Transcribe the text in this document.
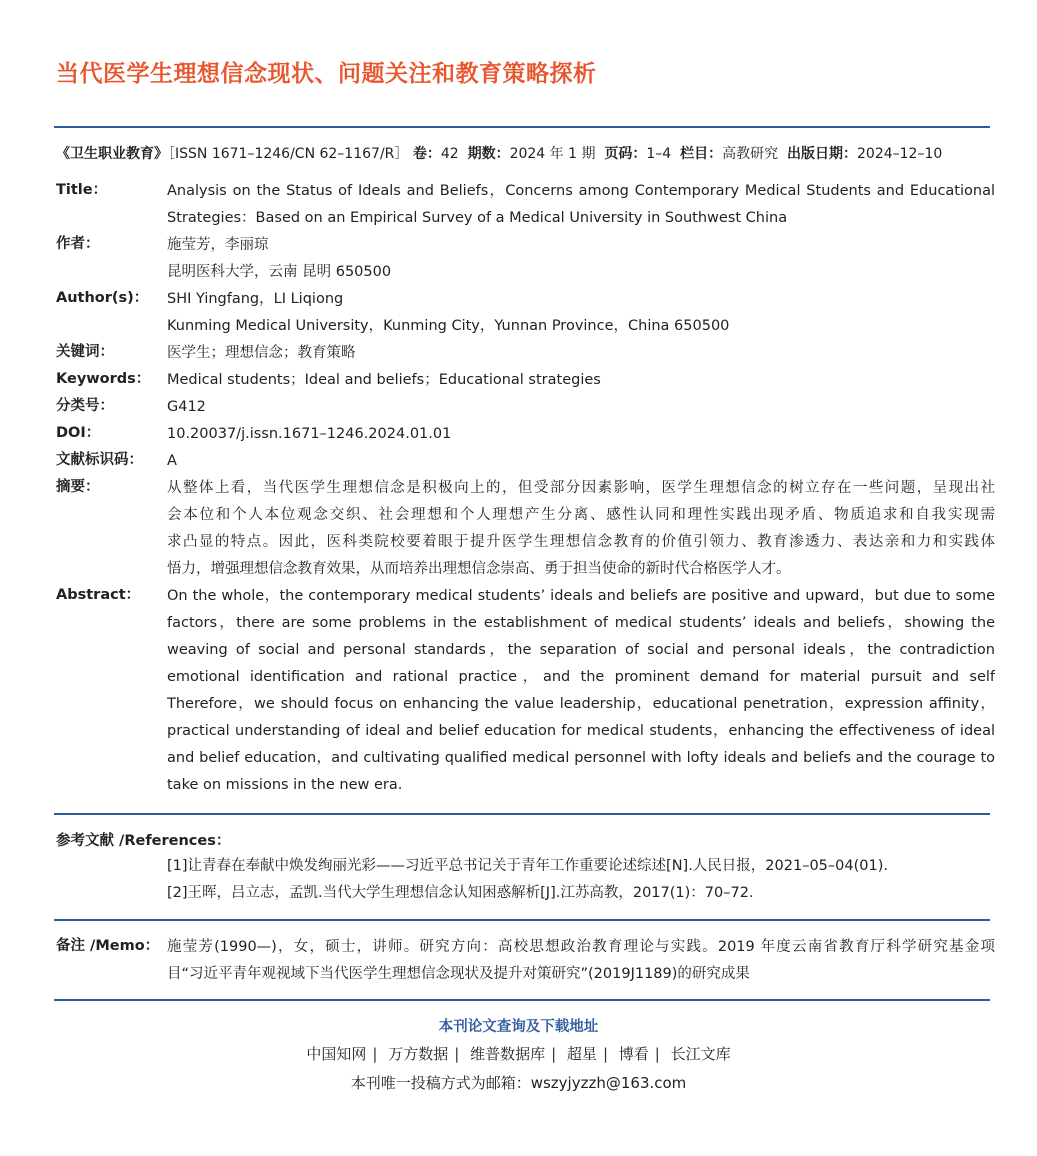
当代医学生理想信念现状、问题关注和教育策略探析
《卫生职业教育》［ISSN 1671–1246/CN 62–1167/R］ 卷：42 期数：2024 年 1 期 页码：1–4 栏目：高教研究 出版日期：2024–12–10
Title：	Analysis on the Status of Ideals and Beliefs，Concerns among Contemporary Medical Students and Educational
Strategies：Based on an Empirical Survey of a Medical University in Southwest China
作者：	施莹芳，李丽琼
昆明医科大学，云南 昆明 650500
Author(s)：	SHI Yingfang，LI Liqiong
Kunming Medical University，Kunming City，Yunnan Province，China 650500
关键词：	医学生；理想信念；教育策略
Keywords：	Medical students；Ideal and beliefs；Educational strategies
分类号：	G412
DOI：	10.20037/j.issn.1671–1246.2024.01.01
文献标识码：	A
摘要：	从整体上看，当代医学生理想信念是积极向上的，但受部分因素影响，医学生理想信念的树立存在一些问题，呈现出社
会本位和个人本位观念交织、社会理想和个人理想产生分离、感性认同和理性实践出现矛盾、物质追求和自我实现需
求凸显的特点。因此，医科类院校要着眼于提升医学生理想信念教育的价值引领力、教育渗透力、表达亲和力和实践体
悟力，增强理想信念教育效果，从而培养出理想信念崇高、勇于担当使命的新时代合格医学人才。
Abstract：	On the whole，the contemporary medical students’ ideals and beliefs are positive and upward，but due to some
factors，there are some problems in the establishment of medical students’ ideals and beliefs，showing the
weaving of social and personal standards，the separation of social and personal ideals，the contradiction
emotional identification and rational practice，and the prominent demand for material pursuit and self
Therefore，we should focus on enhancing the value leadership，educational penetration，expression affinity，
practical understanding of ideal and belief education for medical students，enhancing the effectiveness of ideal
and belief education，and cultivating qualified medical personnel with lofty ideals and beliefs and the courage to
take on missions in the new era.
参考文献 /References：
[1]让青春在奉献中焕发绚丽光彩——习近平总书记关于青年工作重要论述综述[N].人民日报，2021–05–04(01).
[2]王晖，吕立志，孟凯.当代大学生理想信念认知困惑解析[J].江苏高教，2017(1)：70–72.
备注 /Memo： 施莹芳(1990—)，女，硕士，讲师。研究方向：高校思想政治教育理论与实践。2019 年度云南省教育厅科学研究基金项
目“习近平青年观视域下当代医学生理想信念现状及提升对策研究”(2019J1189)的研究成果
本刊论文查询及下载地址
中国知网 | 万方数据 | 维普数据库 | 超星 | 博看 | 长江文库
本刊唯一投稿方式为邮箱：wszyjyzzh@163.com
